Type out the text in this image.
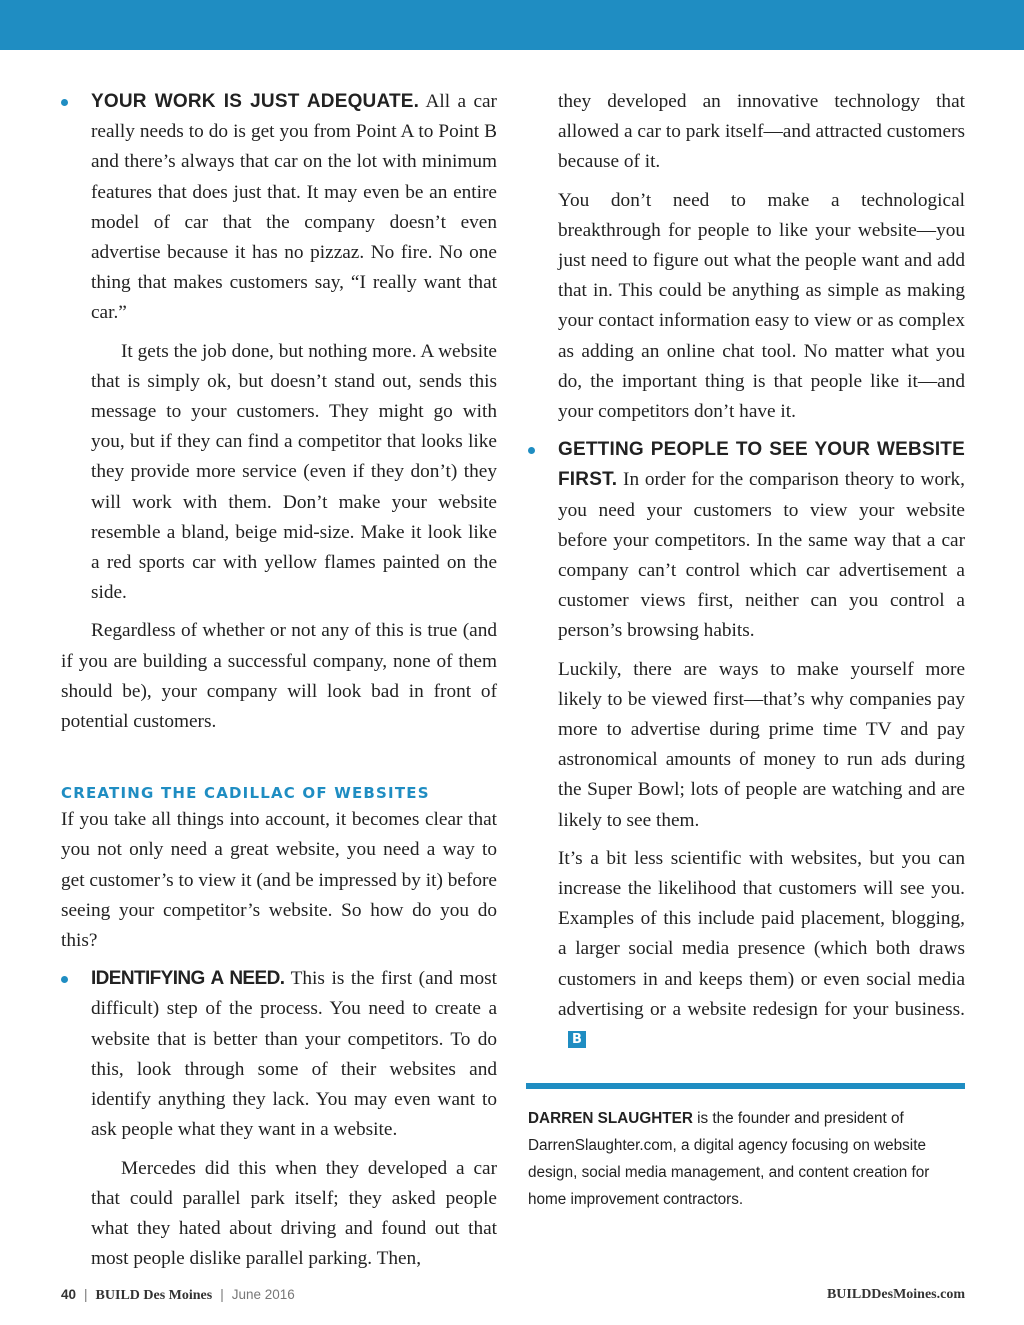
YOUR WORK IS JUST ADEQUATE. All a car really needs to do is get you from Point A to Point B and there’s always that car on the lot with minimum features that does just that. It may even be an entire model of car that the company doesn’t even advertise because it has no pizzaz. No fire. No one thing that makes customers say, “I really want that car.”

It gets the job done, but nothing more. A website that is simply ok, but doesn’t stand out, sends this message to your customers. They might go with you, but if they can find a competitor that looks like they provide more service (even if they don’t) they will work with them. Don’t make your website resemble a bland, beige mid-size. Make it look like a red sports car with yellow flames painted on the side.

Regardless of whether or not any of this is true (and if you are building a successful company, none of them should be), your company will look bad in front of potential customers.

CREATING THE CADILLAC OF WEBSITES

If you take all things into account, it becomes clear that you not only need a great website, you need a way to get customer’s to view it (and be impressed by it) before seeing your competitor’s website. So how do you do this?

IDENTIFYING A NEED. This is the first (and most difficult) step of the process. You need to create a website that is better than your competitors. To do this, look through some of their websites and identify anything they lack. You may even want to ask people what they want in a website.

Mercedes did this when they developed a car that could parallel park itself; they asked people what they hated about driving and found out that most people dislike parallel parking. Then,

they developed an innovative technology that allowed a car to park itself—and attracted customers because of it.

You don’t need to make a technological breakthrough for people to like your website—you just need to figure out what the people want and add that in. This could be anything as simple as making your contact information easy to view or as complex as adding an online chat tool. No matter what you do, the important thing is that people like it—and your competitors don’t have it.

GETTING PEOPLE TO SEE YOUR WEBSITE FIRST. In order for the comparison theory to work, you need your customers to view your website before your competitors. In the same way that a car company can’t control which car advertisement a customer views first, neither can you control a person’s browsing habits.

Luckily, there are ways to make yourself more likely to be viewed first—that’s why companies pay more to advertise during prime time TV and pay astronomical amounts of money to run ads during the Super Bowl; lots of people are watching and are likely to see them.

It’s a bit less scientific with websites, but you can increase the likelihood that customers will see you. Examples of this include paid placement, blogging, a larger social media presence (which both draws customers in and keeps them) or even social media advertising or a website redesign for your business.B

DARREN SLAUGHTER is the founder and president of DarrenSlaughter.com, a digital agency focusing on website design, social media management, and content creation for home improvement contractors.

40 | BUILD Des Moines | June 2016	BUILDDesMoines.com
